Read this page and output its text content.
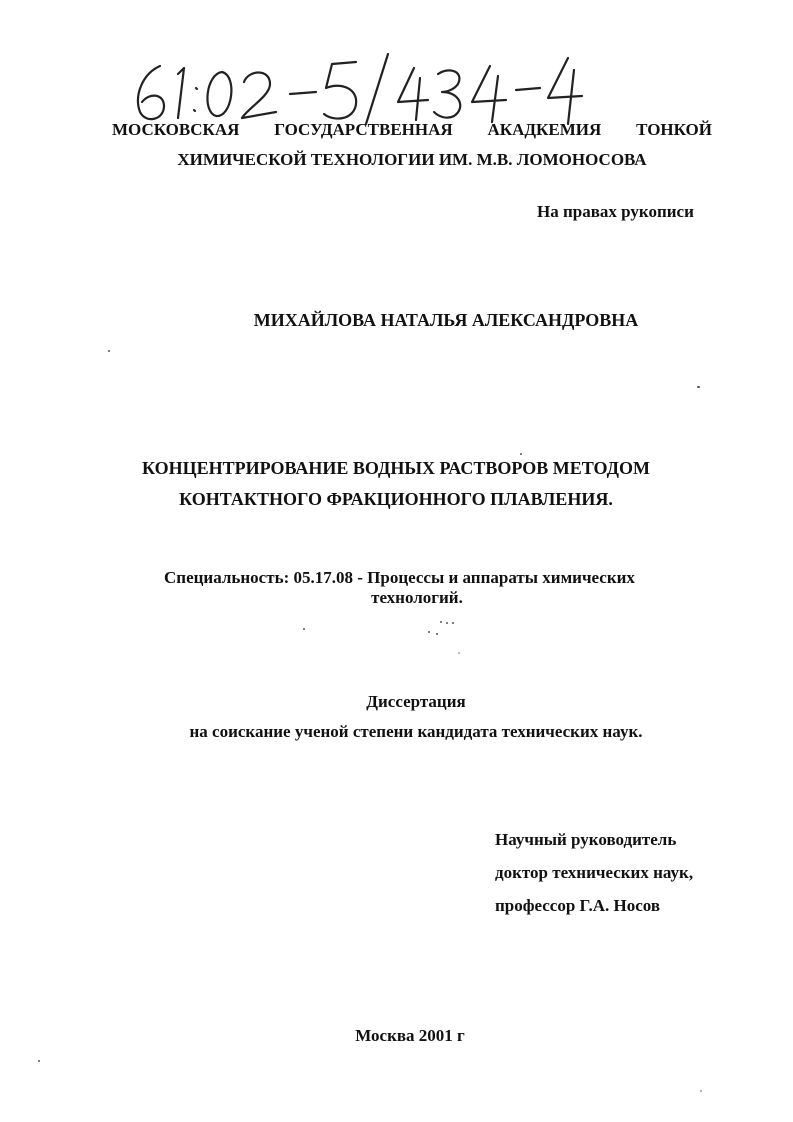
МОСКОВСКАЯ ГОСУДАРСТВЕННАЯ АКАДКЕМИЯ ТОНКОЙ
ХИМИЧЕСКОЙ ТЕХНОЛОГИИ ИМ. М.В. ЛОМОНОСОВА
На правах рукописи
МИХАЙЛОВА НАТАЛЬЯ АЛЕКСАНДРОВНА
КОНЦЕНТРИРОВАНИЕ ВОДНЫХ РАСТВОРОВ МЕТОДОМ
КОНТАКТНОГО ФРАКЦИОННОГО ПЛАВЛЕНИЯ.
Специальность: 05.17.08 - Процессы и аппараты химических
технологий.
Диссертация
на соискание ученой степени кандидата технических наук.
Научный руководитель
доктор технических наук,
профессор Г.А. Носов
Москва 2001 г
